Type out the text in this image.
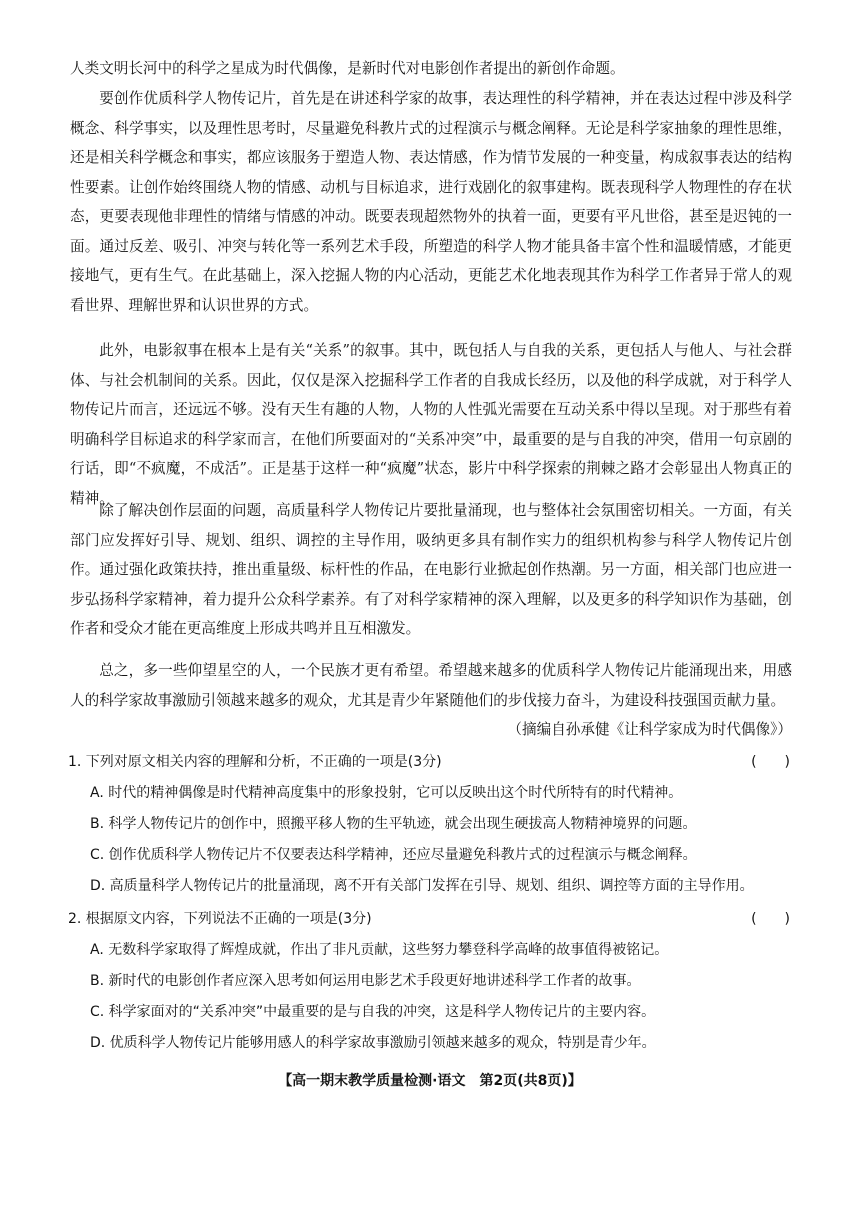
人类文明长河中的科学之星成为时代偶像，是新时代对电影创作者提出的新创作命题。

要创作优质科学人物传记片，首先是在讲述科学家的故事，表达理性的科学精神，并在表达过程中涉及科学概念、科学事实，以及理性思考时，尽量避免科教片式的过程演示与概念阐释。无论是科学家抽象的理性思维，还是相关科学概念和事实，都应该服务于塑造人物、表达情感，作为情节发展的一种变量，构成叙事表达的结构性要素。让创作始终围绕人物的情感、动机与目标追求，进行戏剧化的叙事建构。既表现科学人物理性的存在状态，更要表现他非理性的情绪与情感的冲动。既要表现超然物外的执着一面，更要有平凡世俗，甚至是迟钝的一面。通过反差、吸引、冲突与转化等一系列艺术手段，所塑造的科学人物才能具备丰富个性和温暖情感，才能更接地气，更有生气。在此基础上，深入挖掘人物的内心活动，更能艺术化地表现其作为科学工作者异于常人的观看世界、理解世界和认识世界的方式。

此外，电影叙事在根本上是有关“关系”的叙事。其中，既包括人与自我的关系，更包括人与他人、与社会群体、与社会机制间的关系。因此，仅仅是深入挖掘科学工作者的自我成长经历，以及他的科学成就，对于科学人物传记片而言，还远远不够。没有天生有趣的人物，人物的人性弧光需要在互动关系中得以呈现。对于那些有着明确科学目标追求的科学家而言，在他们所要面对的“关系冲突”中，最重要的是与自我的冲突，借用一句京剧的行话，即“不疯魔，不成活”。正是基于这样一种“疯魔”状态，影片中科学探索的荆棘之路才会彰显出人物真正的精神。

除了解决创作层面的问题，高质量科学人物传记片要批量涌现，也与整体社会氛围密切相关。一方面，有关部门应发挥好引导、规划、组织、调控的主导作用，吸纳更多具有制作实力的组织机构参与科学人物传记片创作。通过强化政策扶持，推出重量级、标杆性的作品，在电影行业掀起创作热潮。另一方面，相关部门也应进一步弘扬科学家精神，着力提升公众科学素养。有了对科学家精神的深入理解，以及更多的科学知识作为基础，创作者和受众才能在更高维度上形成共鸣并且互相激发。

总之，多一些仰望星空的人，一个民族才更有希望。希望越来越多的优质科学人物传记片能涌现出来，用感人的科学家故事激励引领越来越多的观众，尤其是青少年紧随他们的步伐接力奋斗，为建设科技强国贡献力量。

（摘编自孙承健《让科学家成为时代偶像》）
1. 下列对原文相关内容的理解和分析，不正确的一项是(3分)	(　　)
A. 时代的精神偶像是时代精神高度集中的形象投射，它可以反映出这个时代所特有的时代精神。
B. 科学人物传记片的创作中，照搬平移人物的生平轨迹，就会出现生硬拔高人物精神境界的问题。
C. 创作优质科学人物传记片不仅要表达科学精神，还应尽量避免科教片式的过程演示与概念阐释。
D. 高质量科学人物传记片的批量涌现，离不开有关部门发挥在引导、规划、组织、调控等方面的主导作用。
2. 根据原文内容，下列说法不正确的一项是(3分)	(　　)
A. 无数科学家取得了辉煌成就，作出了非凡贡献，这些努力攀登科学高峰的故事值得被铭记。
B. 新时代的电影创作者应深入思考如何运用电影艺术手段更好地讲述科学工作者的故事。
C. 科学家面对的“关系冲突”中最重要的是与自我的冲突，这是科学人物传记片的主要内容。
D. 优质科学人物传记片能够用感人的科学家故事激励引领越来越多的观众，特别是青少年。
【高一期末教学质量检测·语文　第2页(共8页)】
